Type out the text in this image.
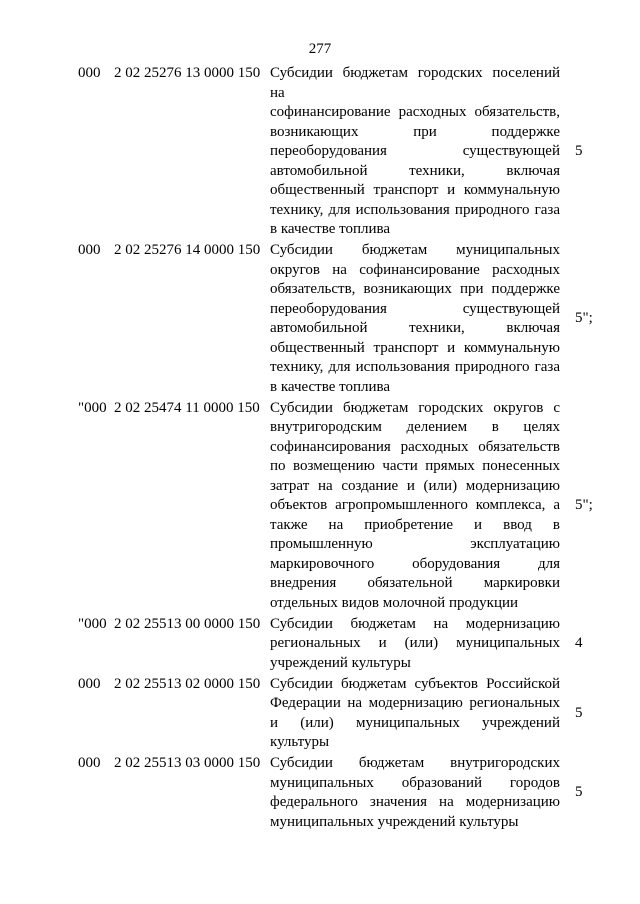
277
000 2 02 25276 13 0000 150 Субсидии бюджетам городских поселений на
софинансирование расходных обязательств,
возникающих при поддержке
переоборудования существующей
автомобильной техники, включая
общественный транспорт и коммунальную
технику, для использования природного газа
в качестве топлива
5
000 2 02 25276 14 0000 150 Субсидии бюджетам муниципальных
округов на софинансирование расходных
обязательств, возникающих при поддержке
переоборудования существующей
автомобильной техники, включая
общественный транспорт и коммунальную
технику, для использования природного газа
в качестве топлива
5";
"000 2 02 25474 11 0000 150 Субсидии бюджетам городских округов с
внутригородским делением в целях
софинансирования расходных обязательств
по возмещению части прямых понесенных
затрат на создание и (или) модернизацию
объектов агропромышленного комплекса, а
также на приобретение и ввод в
промышленную эксплуатацию
маркировочного оборудования для
внедрения обязательной маркировки
отдельных видов молочной продукции
5";
"000 2 02 25513 00 0000 150 Субсидии бюджетам на модернизацию
региональных и (или) муниципальных
учреждений культуры
4
000 2 02 25513 02 0000 150 Субсидии бюджетам субъектов Российской
Федерации на модернизацию региональных
и (или) муниципальных учреждений
культуры
5
000 2 02 25513 03 0000 150 Субсидии бюджетам внутригородских
муниципальных образований городов
федерального значения на модернизацию
муниципальных учреждений культуры
5
